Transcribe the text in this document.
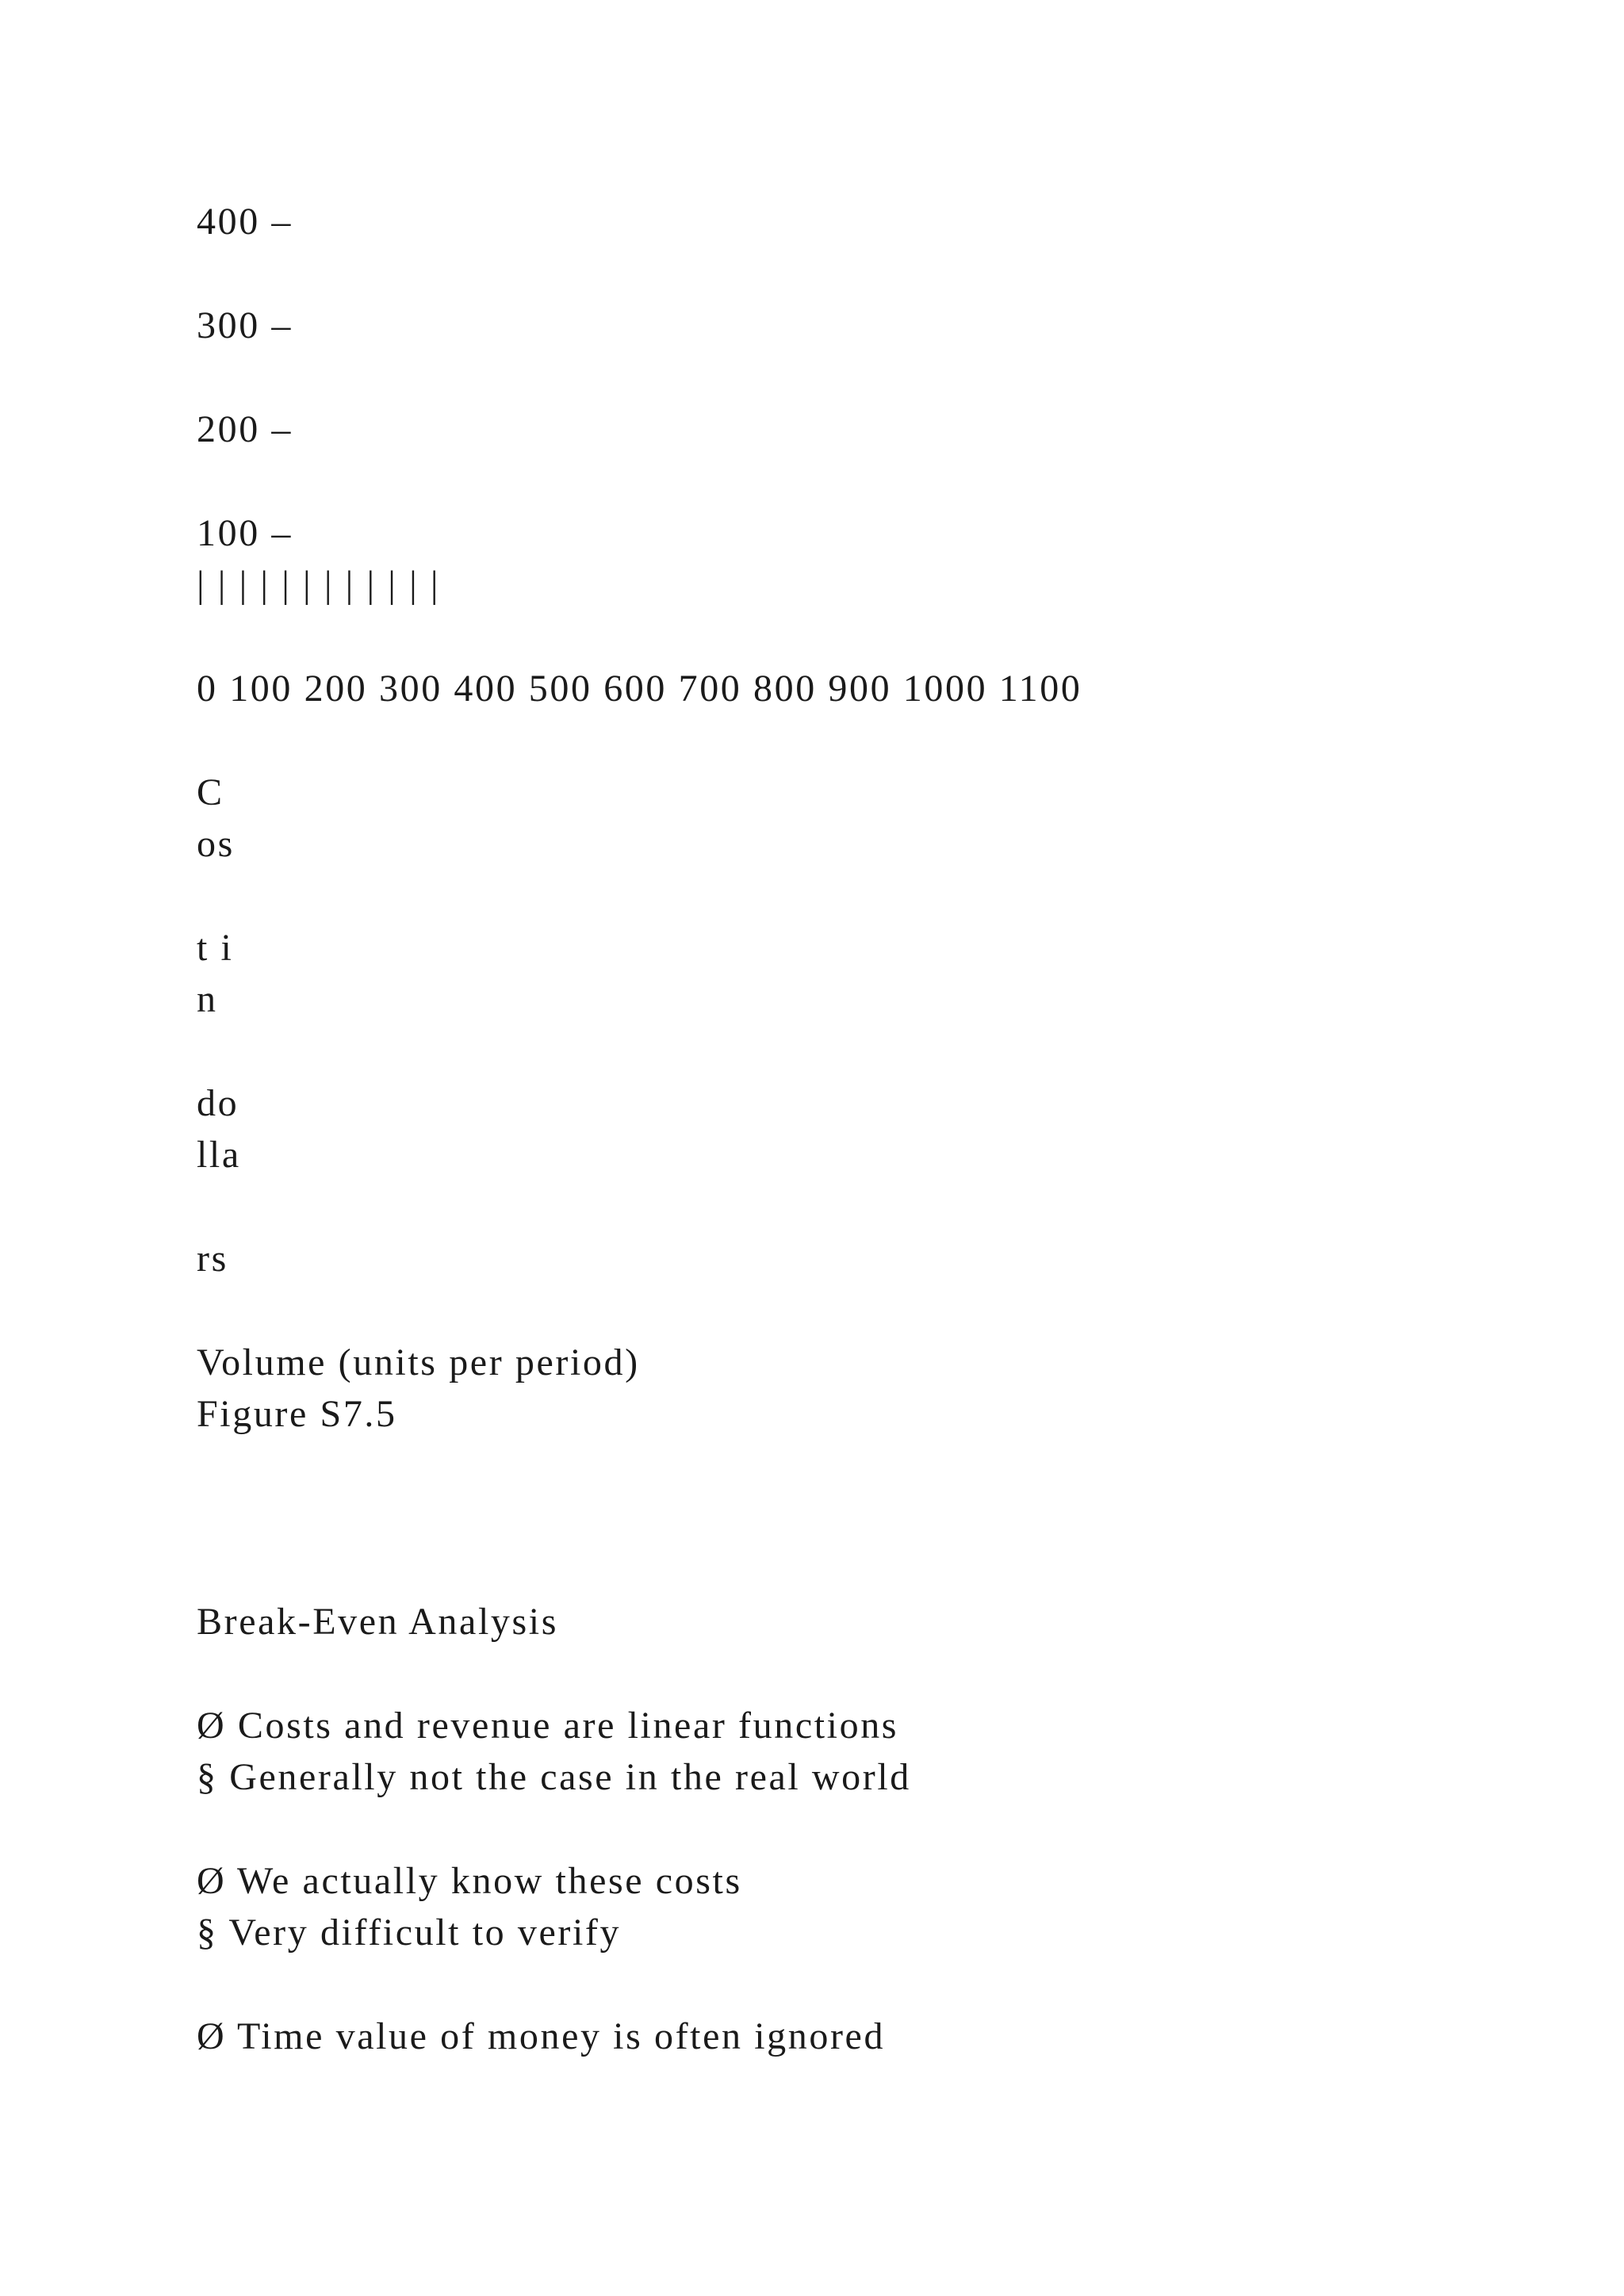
400 –
300 –
200 –
100 –
| | | | | | | | | | | |
0 100 200 300 400 500 600 700 800 900 1000 1100
C
os
t i
n
do
lla
rs
Volume (units per period)
Figure S7.5
Break-Even Analysis
Ø Costs and revenue are linear functions
§ Generally not the case in the real world
Ø We actually know these costs
§ Very difficult to verify
Ø Time value of money is often ignored
